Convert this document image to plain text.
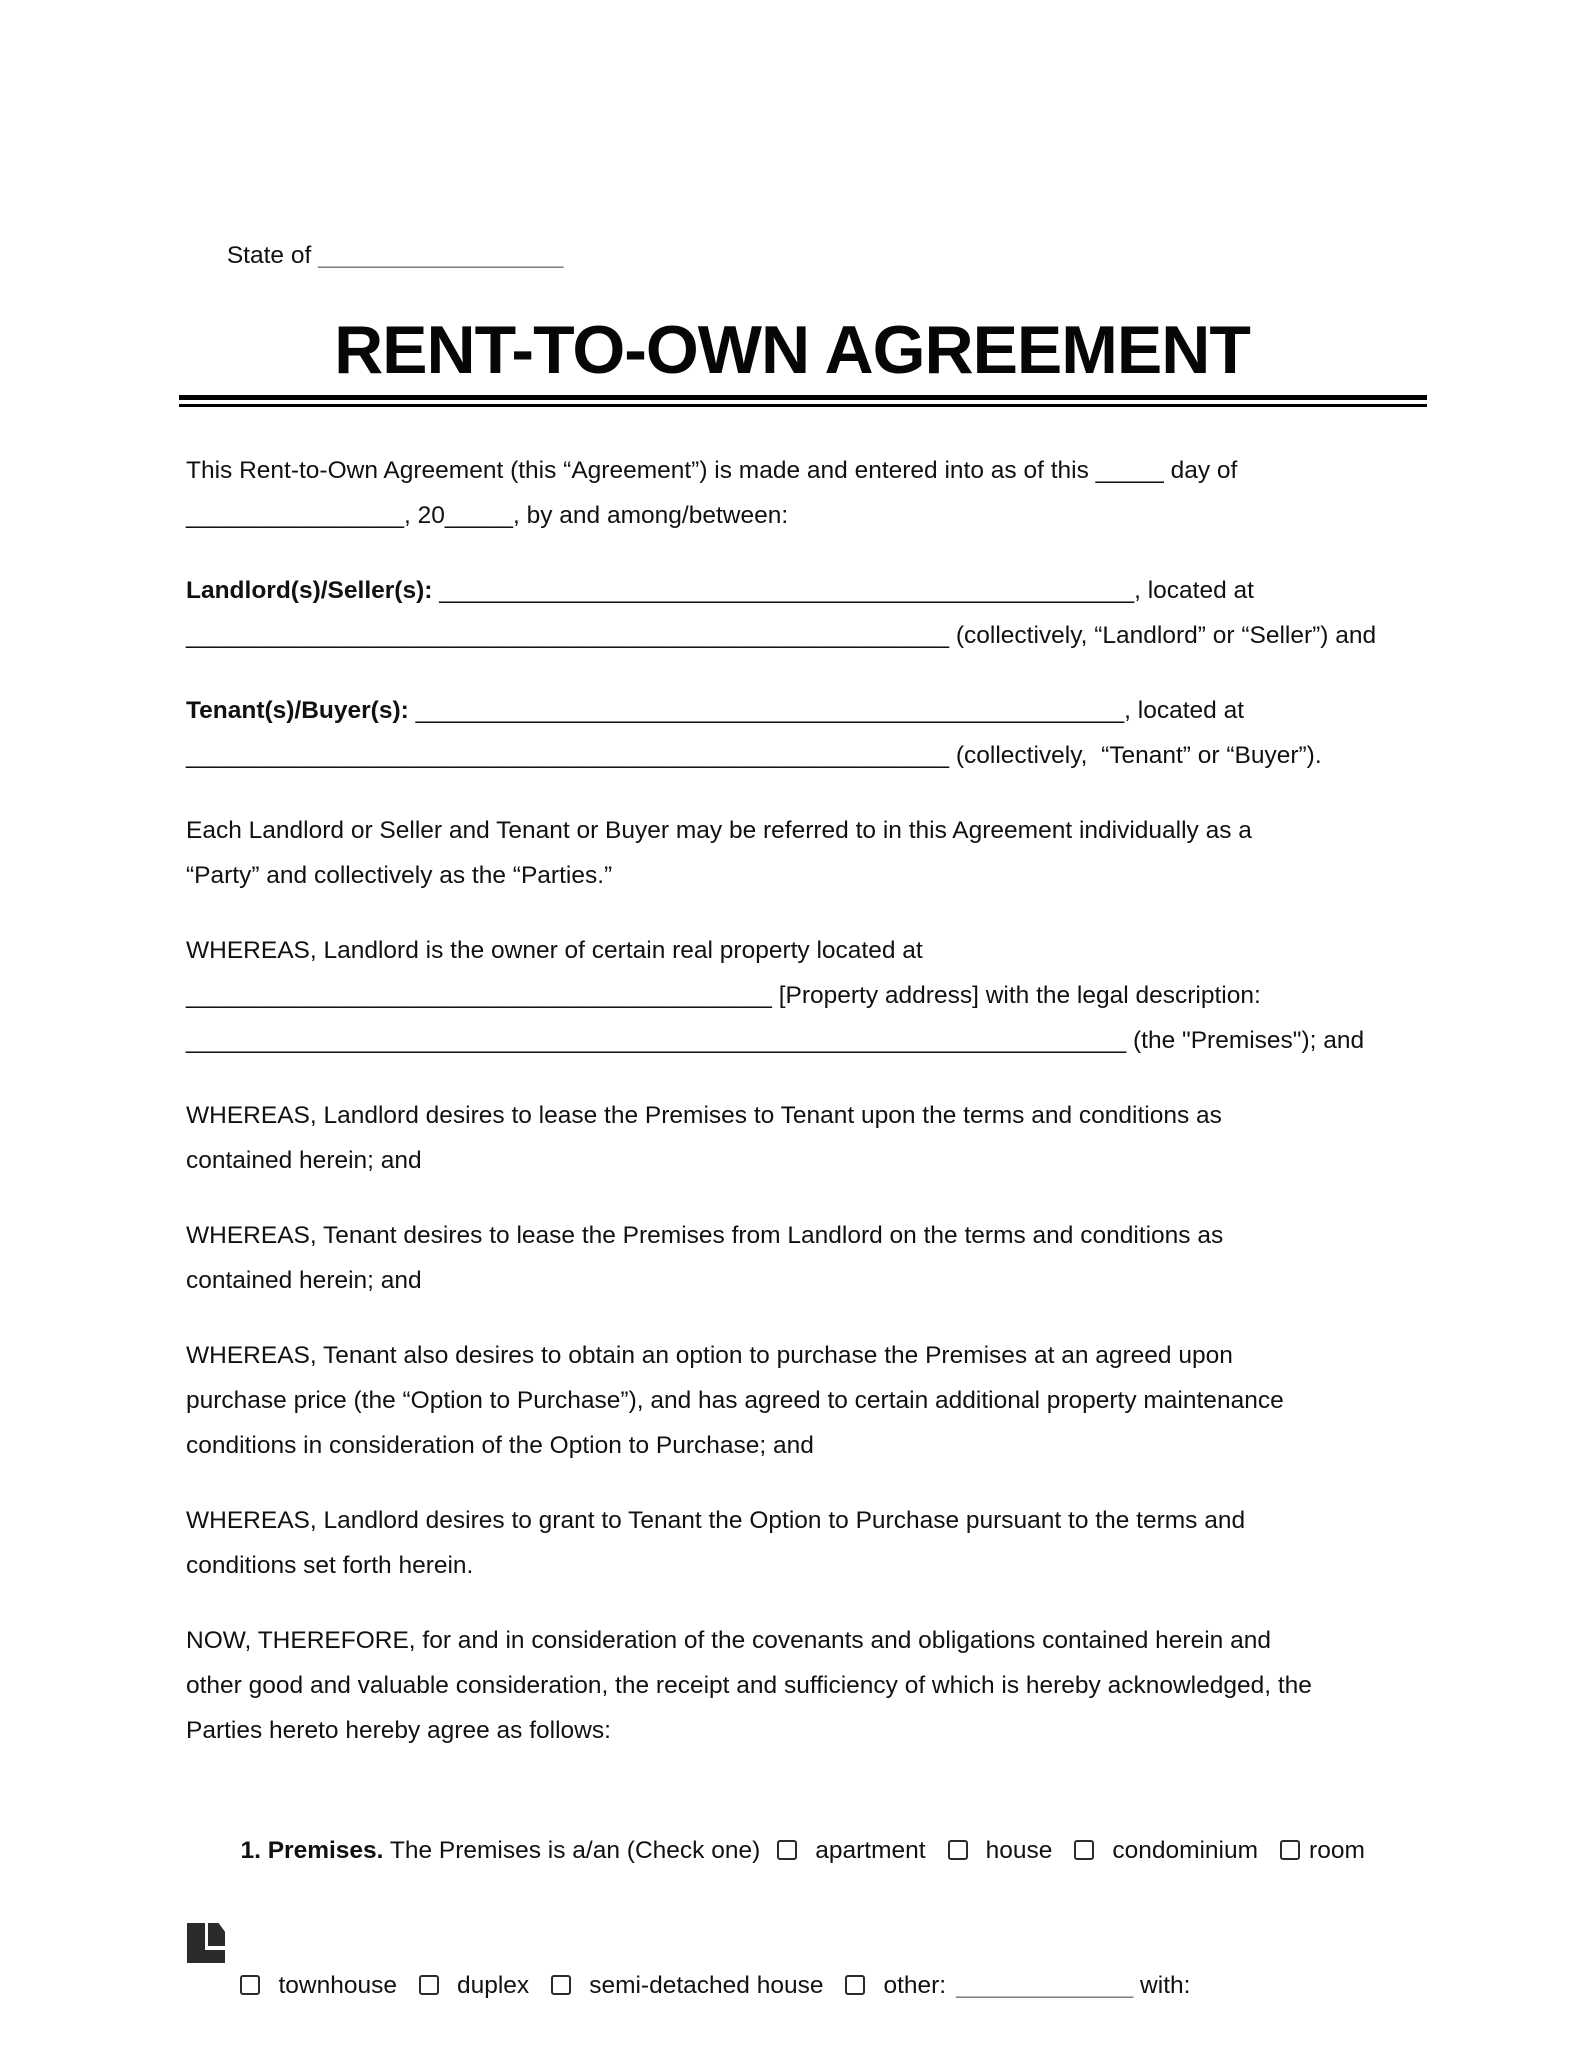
State of __________________

RENT-TO-OWN AGREEMENT
This Rent-to-Own Agreement (this “Agreement”) is made and entered into as of this _____ day of
________________, 20_____, by and among/between:
Landlord(s)/Seller(s): ___________________________________________________, located at
________________________________________________________ (collectively, “Landlord” or “Seller”) and
Tenant(s)/Buyer(s): ____________________________________________________, located at
________________________________________________________ (collectively,  “Tenant” or “Buyer”).
Each Landlord or Seller and Tenant or Buyer may be referred to in this Agreement individually as a
“Party” and collectively as the “Parties.”
WHEREAS, Landlord is the owner of certain real property located at
___________________________________________ [Property address] with the legal description:
_____________________________________________________________________ (the "Premises"); and
WHEREAS, Landlord desires to lease the Premises to Tenant upon the terms and conditions as
contained herein; and
WHEREAS, Tenant desires to lease the Premises from Landlord on the terms and conditions as
contained herein; and
WHEREAS, Tenant also desires to obtain an option to purchase the Premises at an agreed upon
purchase price (the “Option to Purchase”), and has agreed to certain additional property maintenance
conditions in consideration of the Option to Purchase; and
WHEREAS, Landlord desires to grant to Tenant the Option to Purchase pursuant to the terms and
conditions set forth herein.
NOW, THEREFORE, for and in consideration of the covenants and obligations contained herein and
other good and valuable consideration, the receipt and sufficiency of which is hereby acknowledged, the
Parties hereto hereby agree as follows:

1. Premises. The Premises is a/an (Check one) apartment house condominium room

townhouse duplex semi-detached house other: _____________ with:
